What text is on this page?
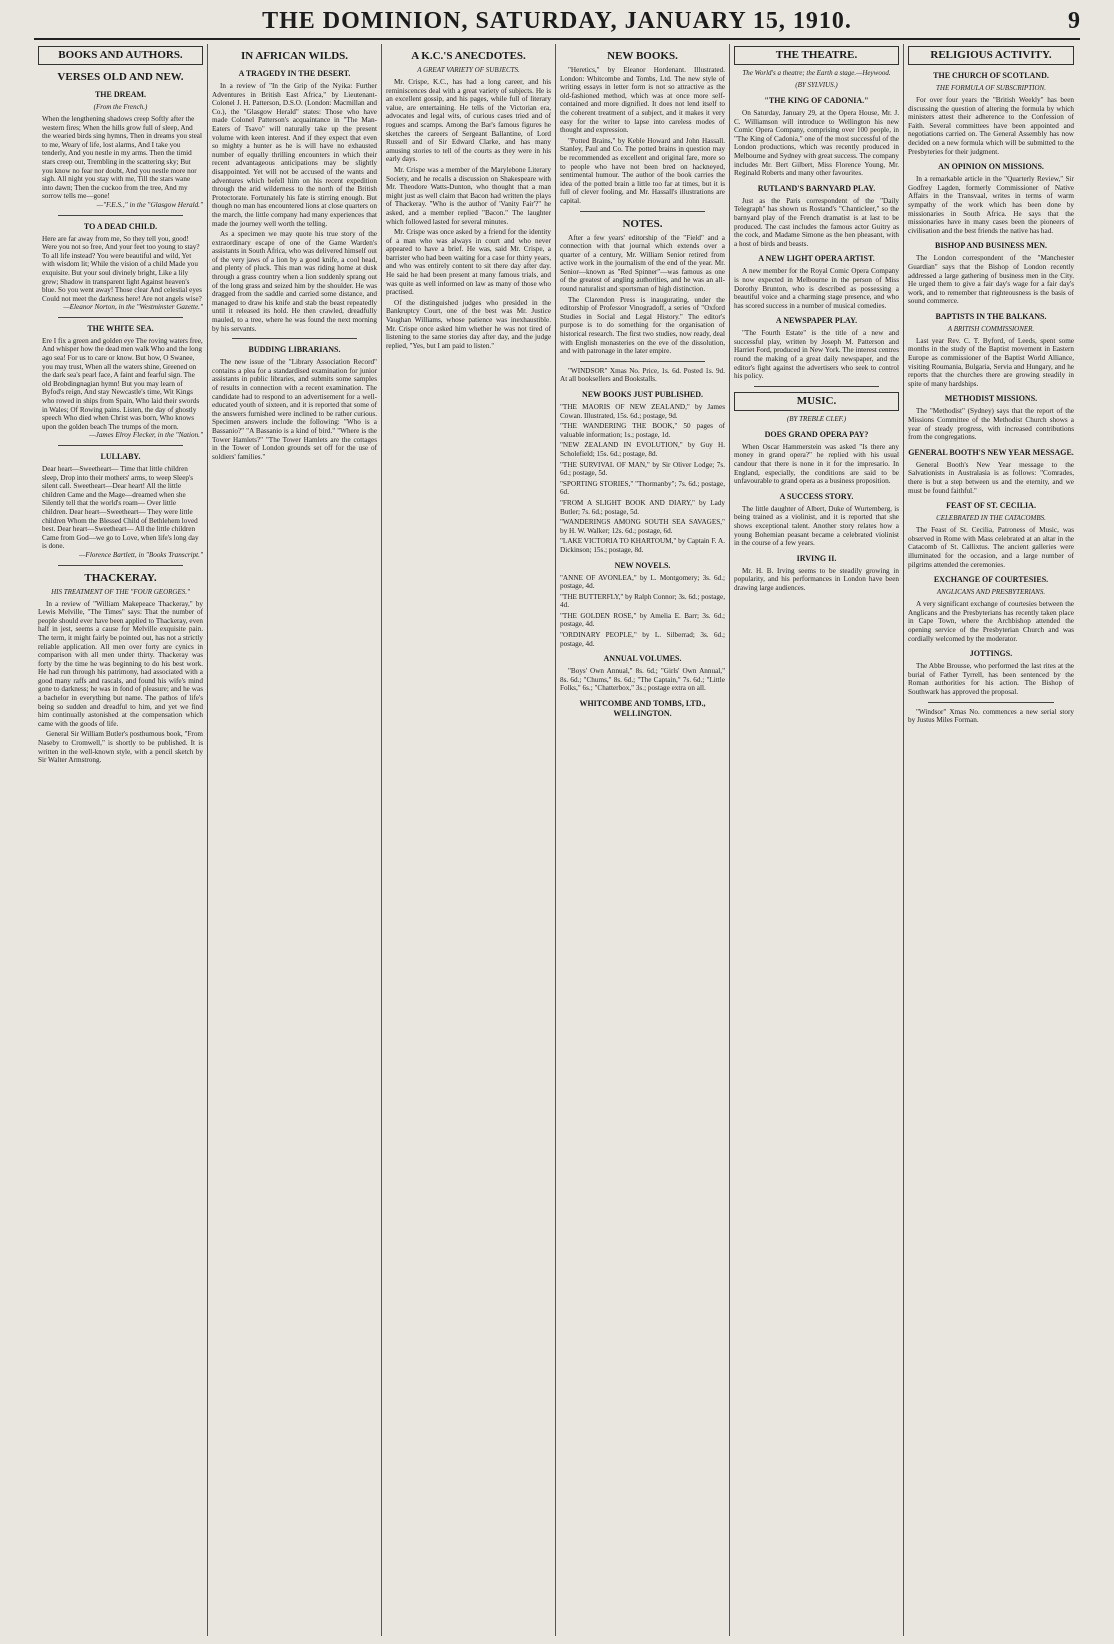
THE DOMINION, SATURDAY, JANUARY 15, 1910.	9
BOOKS AND AUTHORS.
VERSES OLD AND NEW.
THE DREAM.
(From the French.)

When the lengthening shadows creep Softly after the western fires; When the hills grow full of sleep, And the wearied birds sing hymns, Then in dreams you steal to me, Weary of life, lost alarms, And I take you tenderly, And you nestle in my arms. Then the timid stars creep out, Trembling in the scattering sky; But you know no fear nor doubt, And you nestle more nor sigh. All night you stay with me, Till the stars wane into dawn; Then the cuckoo from the tree, And my sorrow tells me—gone!

—"F.E.S.," in the "Glasgow Herald."

TO A DEAD CHILD.

Here are far away from me, So they tell you, good! Were you not so free, And your feet too young to stay? To all life instead? You were beautiful and wild, Yet with wisdom lit; While the vision of a child Made you exquisite. But your soul divinely bright, Like a lily grew; Shadow in transparent light Against heaven's blue. So you went away! Those clear And celestial eyes Could not meet the darkness here! Are not angels wise?

—Eleanor Norton, in the "Westminster Gazette."

THE WHITE SEA.

Ere I fix a green and golden eye The roving waters free, And whisper how the dead men walk Who and the long ago sea! For us to care or know. But how, O Swanee, you may trust, When all the waters shine, Greened on the dark sea's pearl face, A faint and fearful sign. The old Brobdingnagian hymn! But you may learn of Byfod's reign, And stay Newcastle's time, Wit Kings who rowed in ships from Spain, Who laid their swords in Wales; Of Rowing pains. Listen, the day of ghostly speech Who died when Christ was born, Who knows upon the golden beach The trumps of the morn.

—James Elroy Flecker, in the "Nation."

LULLABY.

Dear heart—Sweetheart— Time that little children sleep, Drop into their mothers' arms, to weep Sleep's silent call. Sweetheart—Dear heart! All the little children Came and the Mage—dreamed when she Silently tell that the world's roam— Over little children. Dear heart—Sweetheart— They were little children Whom the Blessed Child of Bethlehem loved best. Dear heart—Sweetheart— All the little children Came from God—we go to Love, when life's long day is done.

—Florence Bartlett, in "Books Transcript."

THACKERAY.
HIS TREATMENT OF THE "FOUR GEORGES."

In a review of "William Makepeace Thackeray," by Lewis Melville, "The Times" says: That the number of people should ever have been applied to Thackeray, even half in jest, seems a cause for Melville exquisite pain. The term, it might fairly be pointed out, has not a strictly reliable application. All men over forty are cynics in comparison with all men under thirty. Thackeray was forty by the time he was beginning to do his best work. He had run through his patrimony, had associated with a good many raffs and rascals, and found his wife's mind gone to darkness; he was in fond of pleasure; and he was a bachelor in everything but name. The pathos of life's being so sudden and dreadful to him, and yet we find him continually astonished at the compensation which came with the goods of life.

General Sir William Butler's posthumous book, "From Naseby to Cromwell," is shortly to be published. It is written in the well-known style, with a pencil sketch by Sir Walter Armstrong.

IN AFRICAN WILDS.
A TRAGEDY IN THE DESERT.

In a review of "In the Grip of the Nyika: Further Adventures in British East Africa," by Lieutenant-Colonel J. H. Patterson, D.S.O. (London: Macmillan and Co.), the "Glasgow Herald" states: Those who have made Colonel Patterson's acquaintance in "The Man-Eaters of Tsavo" will naturally take up the present volume with keen interest. And if they expect that even so mighty a hunter as he is will have no exhausted number of equally thrilling encounters in which their recent advantageous anticipations may be slightly disappointed. Yet will not be accused of the wants and adventures which befell him on his recent expedition through the arid wilderness to the north of the British Protectorate. Fortunately his fate is stirring enough. But though no man has encountered lions at close quarters on the march, the little company had many experiences that made the journey well worth the telling.

As a specimen we may quote his true story of the extraordinary escape of one of the Game Warden's assistants in South Africa, who was delivered himself out of the very jaws of a lion by a good knife, a cool head, and plenty of pluck. This man was riding home at dusk through a grass country when a lion suddenly sprang out of the long grass and seized him by the shoulder. He was dragged from the saddle and carried some distance, and managed to draw his knife and stab the beast repeatedly until it released its hold. He then crawled, dreadfully mauled, to a tree, where he was found the next morning by his servants.

BUDDING LIBRARIANS.

The new issue of the "Library Association Record" contains a plea for a standardised examination for junior assistants in public libraries, and submits some samples of results in connection with a recent examination. The candidate had to respond to an advertisement for a well-educated youth of sixteen, and it is reported that some of the answers furnished were inclined to be rather curious. Specimen answers include the following: "Who is a Bassanio?" "A Bassanio is a kind of bird." "Where is the Tower Hamlets?" "The Tower Hamlets are the cottages in the Tower of London grounds set off for the use of soldiers' families."

A K.C.'S ANECDOTES.
A GREAT VARIETY OF SUBJECTS.

Mr. Crispe, K.C., has had a long career, and his reminiscences deal with a great variety of subjects. He is an excellent gossip, and his pages, while full of literary value, are entertaining. He tells of the Victorian era, advocates and legal wits, of curious cases tried and of rogues and scamps. Among the Bar's famous figures he sketches the careers of Sergeant Ballantine, of Lord Russell and of Sir Edward Clarke, and has many amusing stories to tell of the courts as they were in his early days.

Mr. Crispe was a member of the Marylebone Literary Society, and he recalls a discussion on Shakespeare with Mr. Theodore Watts-Dunton, who thought that a man might just as well claim that Bacon had written the plays of Thackeray. "Who is the author of 'Vanity Fair'?" he asked, and a member replied "Bacon." The laughter which followed lasted for several minutes.

Mr. Crispe was once asked by a friend for the identity of a man who was always in court and who never appeared to have a brief. He was, said Mr. Crispe, a barrister who had been waiting for a case for thirty years, and who was entirely content to sit there day after day. He said he had been present at many famous trials, and was quite as well informed on law as many of those who practised.

Of the distinguished judges who presided in the Bankruptcy Court, one of the best was Mr. Justice Vaughan Williams, whose patience was inexhaustible. Mr. Crispe once asked him whether he was not tired of listening to the same stories day after day, and the judge replied, "Yes, but I am paid to listen."

NEW BOOKS.

"Heretics," by Eleanor Hordenant. Illustrated. London: Whitcombe and Tombs, Ltd. The new style of writing essays in letter form is not so attractive as the old-fashioned method, which was at once more self-contained and more dignified. It does not lend itself to the coherent treatment of a subject, and it makes it very easy for the writer to lapse into careless modes of thought and expression.

"Potted Brains," by Keble Howard and John Hassall. Stanley, Paul and Co. The potted brains in question may be recommended as excellent and original fare, more so to people who have not been bred on hackneyed, sentimental humour. The author of the book carries the idea of the potted brain a little too far at times, but it is full of clever fooling, and Mr. Hassall's illustrations are capital.

NOTES.

After a few years' editorship of the "Field" and a connection with that journal which extends over a quarter of a century, Mr. William Senior retired from active work in the journalism of the end of the year. Mr. Senior—known as "Red Spinner"—was famous as one of the greatest of angling authorities, and he was an all-round naturalist and sportsman of high distinction.

The Clarendon Press is inaugurating, under the editorship of Professor Vinogradoff, a series of "Oxford Studies in Social and Legal History." The editor's purpose is to do something for the organisation of historical research. The first two studies, now ready, deal with English monasteries on the eve of the dissolution, and with patronage in the later empire.

"WINDSOR" Xmas No. Price, 1s. 6d. Posted 1s. 9d. At all booksellers and Bookstalls.

NEW BOOKS JUST PUBLISHED.

"THE MAORIS OF NEW ZEALAND," by James Cowan. Illustrated, 15s. 6d.; postage, 9d.

"THE WANDERING THE BOOK," 50 pages of valuable information; 1s.; postage, 1d.

"NEW ZEALAND IN EVOLUTION," by Guy H. Scholefield; 15s. 6d.; postage, 8d.

"THE SURVIVAL OF MAN," by Sir Oliver Lodge; 7s. 6d.; postage, 5d.

"SPORTING STORIES," "Thormanby"; 7s. 6d.; postage, 6d.

"FROM A SLIGHT BOOK AND DIARY," by Lady Butler; 7s. 6d.; postage, 5d.

"WANDERINGS AMONG SOUTH SEA SAVAGES," by H. W. Walker; 12s. 6d.; postage, 6d.

"LAKE VICTORIA TO KHARTOUM," by Captain F. A. Dickinson; 15s.; postage, 8d.

NEW NOVELS.

"ANNE OF AVONLEA," by L. Montgomery; 3s. 6d.; postage, 4d.

"THE BUTTERFLY," by Ralph Connor; 3s. 6d.; postage, 4d.

"THE GOLDEN ROSE," by Amelia E. Barr; 3s. 6d.; postage, 4d.

"ORDINARY PEOPLE," by L. Silberrad; 3s. 6d.; postage, 4d.

ANNUAL VOLUMES.

"Boys' Own Annual," 8s. 6d.; "Girls' Own Annual," 8s. 6d.; "Chums," 8s. 6d.; "The Captain," 7s. 6d.; "Little Folks," 6s.; "Chatterbox," 3s.; postage extra on all.

WHITCOMBE AND TOMBS, LTD., WELLINGTON.
THE THEATRE.
The World's a theatre; the Earth a stage.—Heywood.
(BY SYLVIUS.)
"THE KING OF CADONIA."

On Saturday, January 29, at the Opera House, Mr. J. C. Williamson will introduce to Wellington his new Comic Opera Company, comprising over 100 people, in "The King of Cadonia," one of the most successful of the London productions, which was recently produced in Melbourne and Sydney with great success. The company includes Mr. Bert Gilbert, Miss Florence Young, Mr. Reginald Roberts and many other favourites.

RUTLAND'S BARNYARD PLAY.

Just as the Paris correspondent of the "Daily Telegraph" has shown us Rostand's "Chanticleer," so the barnyard play of the French dramatist is at last to be produced. The cast includes the famous actor Guitry as the cock, and Madame Simone as the hen pheasant, with a host of birds and beasts.

A NEW LIGHT OPERA ARTIST.

A new member for the Royal Comic Opera Company is now expected in Melbourne in the person of Miss Dorothy Brunton, who is described as possessing a beautiful voice and a charming stage presence, and who has scored success in a number of musical comedies.

A NEWSPAPER PLAY.

"The Fourth Estate" is the title of a new and successful play, written by Joseph M. Patterson and Harriet Ford, produced in New York. The interest centres round the making of a great daily newspaper, and the editor's fight against the advertisers who seek to control his policy.

MUSIC.
(BY TREBLE CLEF.)
DOES GRAND OPERA PAY?

When Oscar Hammerstein was asked "Is there any money in grand opera?" he replied with his usual candour that there is none in it for the impresario. In England, especially, the conditions are said to be unfavourable to grand opera as a business proposition.

A SUCCESS STORY.

The little daughter of Albert, Duke of Wurtemberg, is being trained as a violinist, and it is reported that she shows exceptional talent. Another story relates how a young Bohemian peasant became a celebrated violinist in the course of a few years.

IRVING II.

Mr. H. B. Irving seems to be steadily growing in popularity, and his performances in London have been drawing large audiences.

RELIGIOUS ACTIVITY.
THE CHURCH OF SCOTLAND.
THE FORMULA OF SUBSCRIPTION.

For over four years the "British Weekly" has been discussing the question of altering the formula by which ministers attest their adherence to the Confession of Faith. Several committees have been appointed and negotiations carried on. The General Assembly has now decided on a new formula which will be submitted to the Presbyteries for their judgment.

AN OPINION ON MISSIONS.

In a remarkable article in the "Quarterly Review," Sir Godfrey Lagden, formerly Commissioner of Native Affairs in the Transvaal, writes in terms of warm sympathy of the work which has been done by missionaries in South Africa. He says that the missionaries have in many cases been the pioneers of civilisation and the best friends the native has had.

BISHOP AND BUSINESS MEN.

The London correspondent of the "Manchester Guardian" says that the Bishop of London recently addressed a large gathering of business men in the City. He urged them to give a fair day's wage for a fair day's work, and to remember that righteousness is the basis of sound commerce.

BAPTISTS IN THE BALKANS.
A BRITISH COMMISSIONER.

Last year Rev. C. T. Byford, of Leeds, spent some months in the study of the Baptist movement in Eastern Europe as commissioner of the Baptist World Alliance, visiting Roumania, Bulgaria, Servia and Hungary, and he reports that the churches there are growing steadily in spite of many hardships.

METHODIST MISSIONS.

The "Methodist" (Sydney) says that the report of the Missions Committee of the Methodist Church shows a year of steady progress, with increased contributions from the congregations.

GENERAL BOOTH'S NEW YEAR MESSAGE.

General Booth's New Year message to the Salvationists in Australasia is as follows: "Comrades, there is but a step between us and the eternity, and we must be found faithful."

FEAST OF ST. CECILIA.
CELEBRATED IN THE CATACOMBS.

The Feast of St. Cecilia, Patroness of Music, was observed in Rome with Mass celebrated at an altar in the Catacomb of St. Callixtus. The ancient galleries were illuminated for the occasion, and a large number of pilgrims attended the ceremonies.

EXCHANGE OF COURTESIES.
ANGLICANS AND PRESBYTERIANS.

A very significant exchange of courtesies between the Anglicans and the Presbyterians has recently taken place in Cape Town, where the Archbishop attended the opening service of the Presbyterian Church and was cordially welcomed by the moderator.

JOTTINGS.

The Abbe Brousse, who performed the last rites at the burial of Father Tyrrell, has been sentenced by the Roman authorities for his action. The Bishop of Southwark has approved the proposal.

"Windsor" Xmas No. commences a new serial story by Justus Miles Forman.
